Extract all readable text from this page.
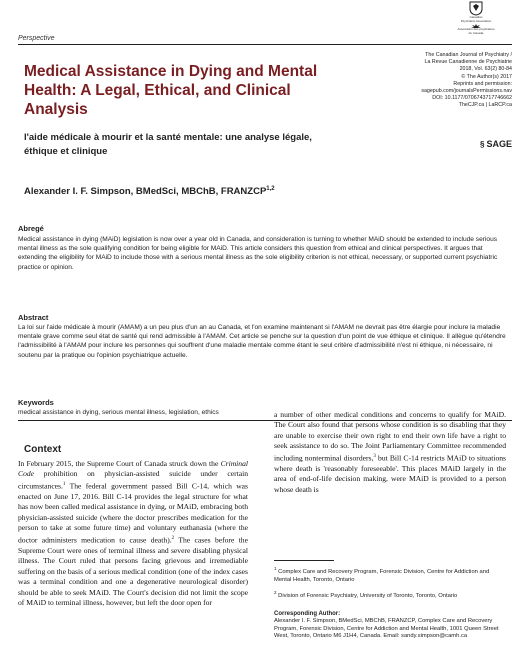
Canadian
Psychiatric Association
Association des psychiatres
du Canada
Perspective
Medical Assistance in Dying and Mental Health: A Legal, Ethical, and Clinical Analysis
The Canadian Journal of Psychiatry /
La Revue Canadienne de Psychiatrie
2018, Vol. 63(2) 80-84
© The Author(s) 2017
Reprints and permission:
sagepub.com/journalsPermissions.nav
DOI: 10.1177/0706743717746662
TheCJP.ca | LaRCP.ca
§ SAGE
l'aide médicale à mourir et la santé mentale: une analyse légale, éthique et clinique
Alexander I. F. Simpson, BMedSci, MBChB, FRANZCP$^{1,2}$
Abregé
Medical assistance in dying (MAiD) legislation is now over a year old in Canada, and consideration is turning to whether MAiD should be extended to include serious mental illness as the sole qualifying condition for being eligible for MAiD. This article considers this question from ethical and clinical perspectives. It argues that extending the eligibility for MAiD to include those with a serious mental illness as the sole eligibility criterion is not ethical, necessary, or supported current psychiatric practice or opinion.
Abstract
La loi sur l'aide médicale à mourir (AMAM) a un peu plus d'un an au Canada, et l'on examine maintenant si l'AMAM ne devrait pas être élargie pour inclure la maladie mentale grave comme seul état de santé qui rend admissible à l'AMAM. Cet article se penche sur la question d'un point de vue éthique et clinique. Il allègue qu'étendre l'admissibilité à l'AMAM pour inclure les personnes qui souffrent d'une maladie mentale comme étant le seul critère d'admissibilité n'est ni éthique, ni nécessaire, ni soutenu par la pratique ou l'opinion psychiatrique actuelle.
Keywords
medical assistance in dying, serious mental illness, legislation, ethics
Context
In February 2015, the Supreme Court of Canada struck down the Criminal Code prohibition on physician-assisted suicide under certain circumstances.$^1$ The federal government passed Bill C-14, which was enacted on June 17, 2016. Bill C-14 provides the legal structure for what has now been called medical assistance in dying, or MAiD, embracing both physician-assisted suicide (where the doctor prescribes medication for the person to take at some future time) and voluntary euthanasia (where the doctor administers medication to cause death).$^2$ The cases before the Supreme Court were ones of terminal illness and severe disabling physical illness. The Court ruled that persons facing grievous and irremediable suffering on the basis of a serious medical condition (one of the index cases was a terminal condition and one a degenerative neurological disorder) should be able to seek MAiD. The Court's decision did not limit the scope of MAiD to terminal illness, however, but left the door open for
a number of other medical conditions and concerns to qualify for MAiD. The Court also found that persons whose condition is so disabling that they are unable to exercise their own right to end their own life have a right to seek assistance to do so. The Joint Parliamentary Committee recommended including nonterminal disorders,$^3$ but Bill C-14 restricts MAiD to situations where death is 'reasonably foreseeable'. This places MAiD largely in the area of end-of-life decision making, were MAiD is provided to a person whose death is
$^1$ Complex Care and Recovery Program, Forensic Division, Centre for Addiction and Mental Health, Toronto, Ontario
$^2$ Division of Forensic Psychiatry, University of Toronto, Toronto, Ontario
Corresponding Author:
Alexander I. F. Simpson, BMedSci, MBChB, FRANZCP, Complex Care and Recovery Program, Forensic Division, Centre for Addiction and Mental Health, 1001 Queen Street West, Toronto, Ontario M6 J1H4, Canada. Email: sandy.simpson@camh.ca
